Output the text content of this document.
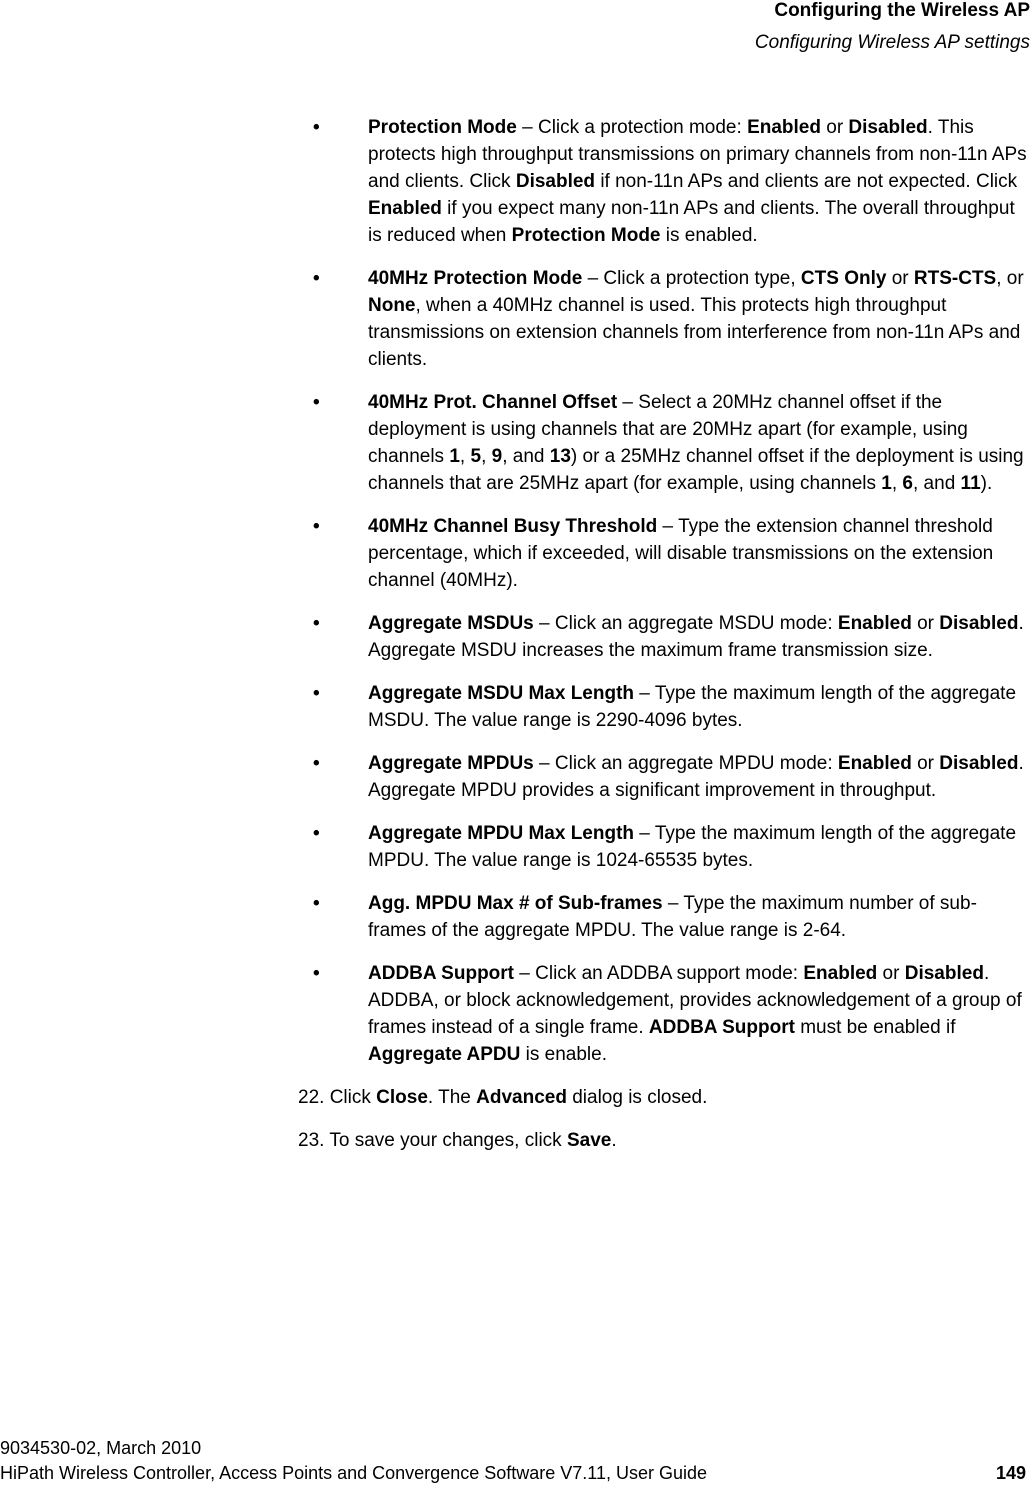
Configuring the Wireless AP
Configuring Wireless AP settings
•	Protection Mode – Click a protection mode: Enabled or Disabled. This protects high throughput transmissions on primary channels from non-11n APs and clients. Click Disabled if non-11n APs and clients are not expected. Click Enabled if you expect many non-11n APs and clients. The overall throughput is reduced when Protection Mode is enabled.
•	40MHz Protection Mode – Click a protection type, CTS Only or RTS-CTS, or None, when a 40MHz channel is used. This protects high throughput transmissions on extension channels from interference from non-11n APs and clients.
•	40MHz Prot. Channel Offset – Select a 20MHz channel offset if the deployment is using channels that are 20MHz apart (for example, using channels 1, 5, 9, and 13) or a 25MHz channel offset if the deployment is using channels that are 25MHz apart (for example, using channels 1, 6, and 11).
•	40MHz Channel Busy Threshold – Type the extension channel threshold percentage, which if exceeded, will disable transmissions on the extension channel (40MHz).
•	Aggregate MSDUs – Click an aggregate MSDU mode: Enabled or Disabled. Aggregate MSDU increases the maximum frame transmission size.
•	Aggregate MSDU Max Length – Type the maximum length of the aggregate MSDU. The value range is 2290-4096 bytes.
•	Aggregate MPDUs – Click an aggregate MPDU mode: Enabled or Disabled. Aggregate MPDU provides a significant improvement in throughput.
•	Aggregate MPDU Max Length – Type the maximum length of the aggregate MPDU. The value range is 1024-65535 bytes.
•	Agg. MPDU Max # of Sub-frames – Type the maximum number of sub-frames of the aggregate MPDU. The value range is 2-64.
•	ADDBA Support – Click an ADDBA support mode: Enabled or Disabled. ADDBA, or block acknowledgement, provides acknowledgement of a group of frames instead of a single frame. ADDBA Support must be enabled if Aggregate APDU is enable.
22. Click Close. The Advanced dialog is closed.
23. To save your changes, click Save.
9034530-02, March 2010
HiPath Wireless Controller, Access Points and Convergence Software V7.11, User Guide	149
